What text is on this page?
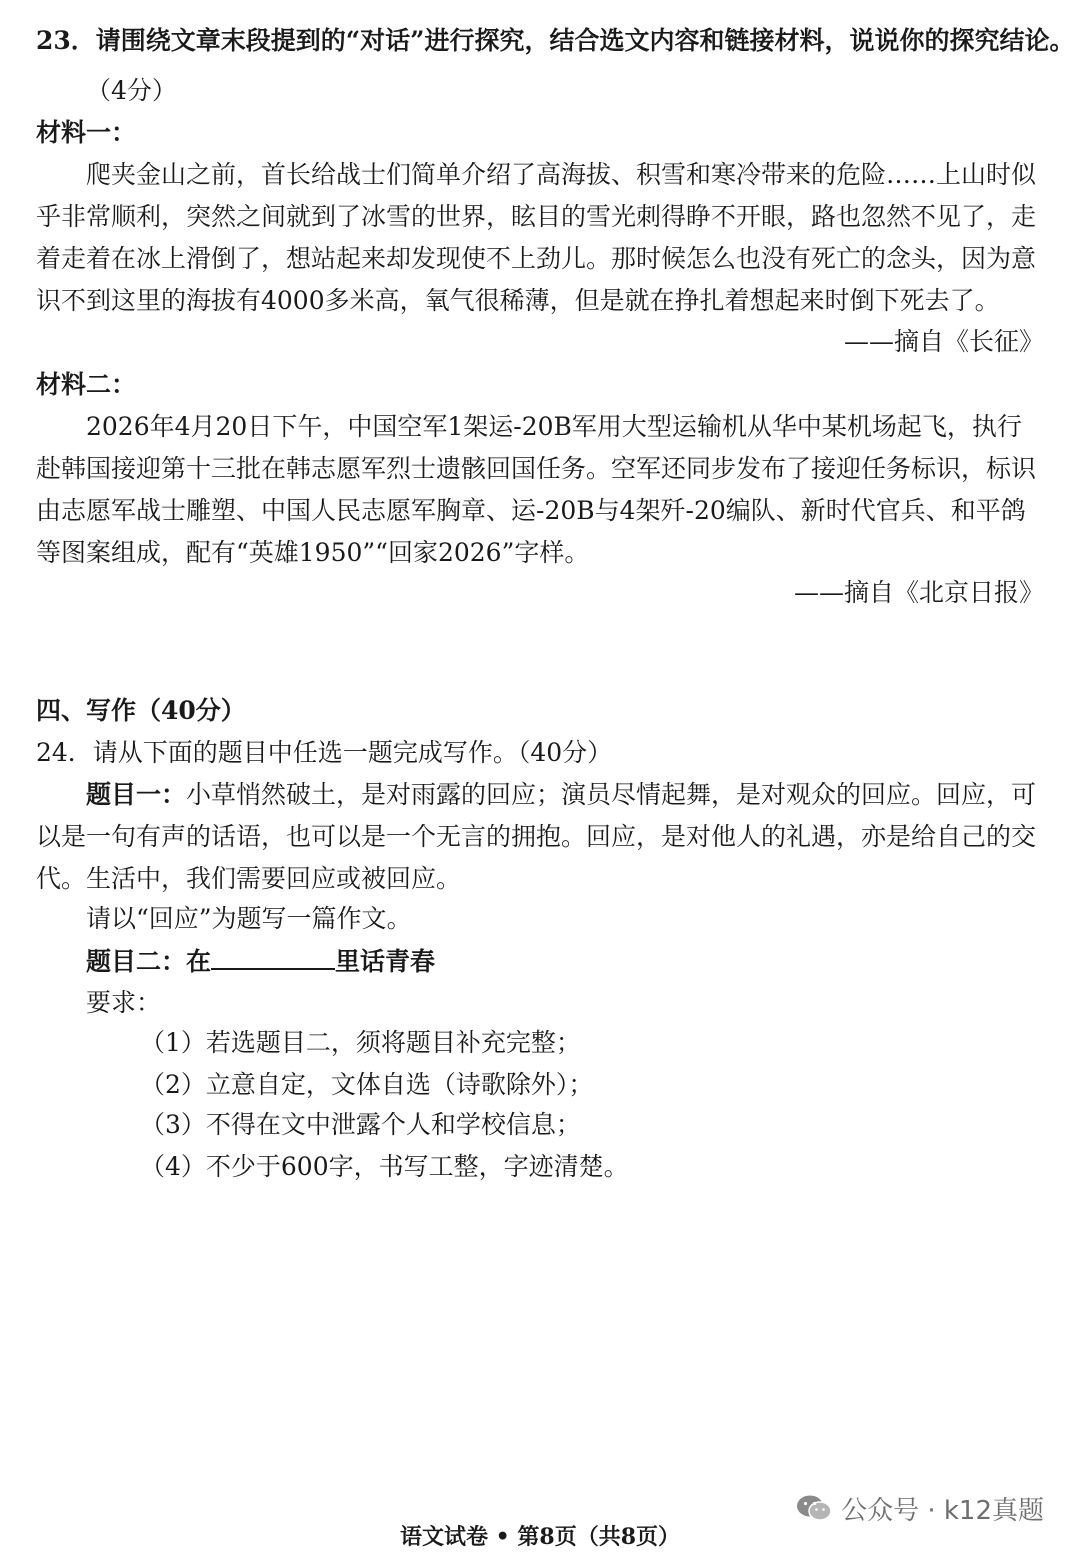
23．请围绕文章末段提到的“对话”进行探究，结合选文内容和链接材料，说说你的探究结论。
（4分）
材料一：
爬夹金山之前，首长给战士们简单介绍了高海拔、积雪和寒冷带来的危险……上山时似
乎非常顺利，突然之间就到了冰雪的世界，眩目的雪光刺得睁不开眼，路也忽然不见了，走
着走着在冰上滑倒了，想站起来却发现使不上劲儿。那时候怎么也没有死亡的念头，因为意
识不到这里的海拔有4000多米高，氧气很稀薄，但是就在挣扎着想起来时倒下死去了。
——摘自《长征》
材料二：
2026年4月20日下午，中国空军1架运-20B军用大型运输机从华中某机场起飞，执行
赴韩国接迎第十三批在韩志愿军烈士遗骸回国任务。空军还同步发布了接迎任务标识，标识
由志愿军战士雕塑、中国人民志愿军胸章、运-20B与4架歼-20编队、新时代官兵、和平鸽
等图案组成，配有“英雄1950”“回家2026”字样。
——摘自《北京日报》
四、写作（40分）
24．请从下面的题目中任选一题完成写作。（40分）
题目一：小草悄然破土，是对雨露的回应；演员尽情起舞，是对观众的回应。回应，可
以是一句有声的话语，也可以是一个无言的拥抱。回应，是对他人的礼遇，亦是给自己的交
代。生活中，我们需要回应或被回应。
请以“回应”为题写一篇作文。
题目二：在	里话青春
要求：
（1）若选题目二，须将题目补充完整；
（2）立意自定，文体自选（诗歌除外）；
（3）不得在文中泄露个人和学校信息；
（4）不少于600字，书写工整，字迹清楚。
公众号 · k12真题
语文试卷 • 第8页（共8页）
